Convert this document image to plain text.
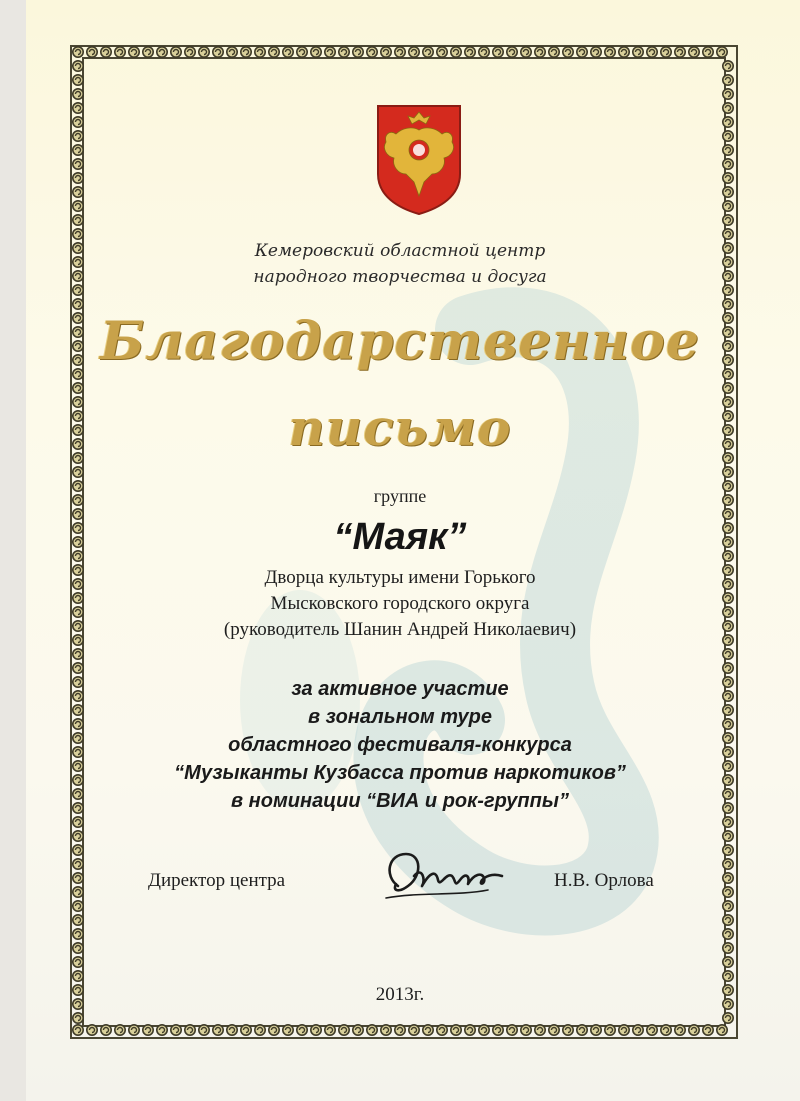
Кемеровский областной центр
народного творчества и досуга
Благодарственное
письмо
группе
“Маяк”
Дворца культуры имени Горького
Мысковского городского округа
(руководитель Шанин Андрей Николаевич)
за активное участие
в зональном туре
областного фестиваля-конкурса
“Музыканты Кузбасса против наркотиков”
в номинации “ВИА и рок-группы”
Директор центра	Н.В. Орлова
2013г.
